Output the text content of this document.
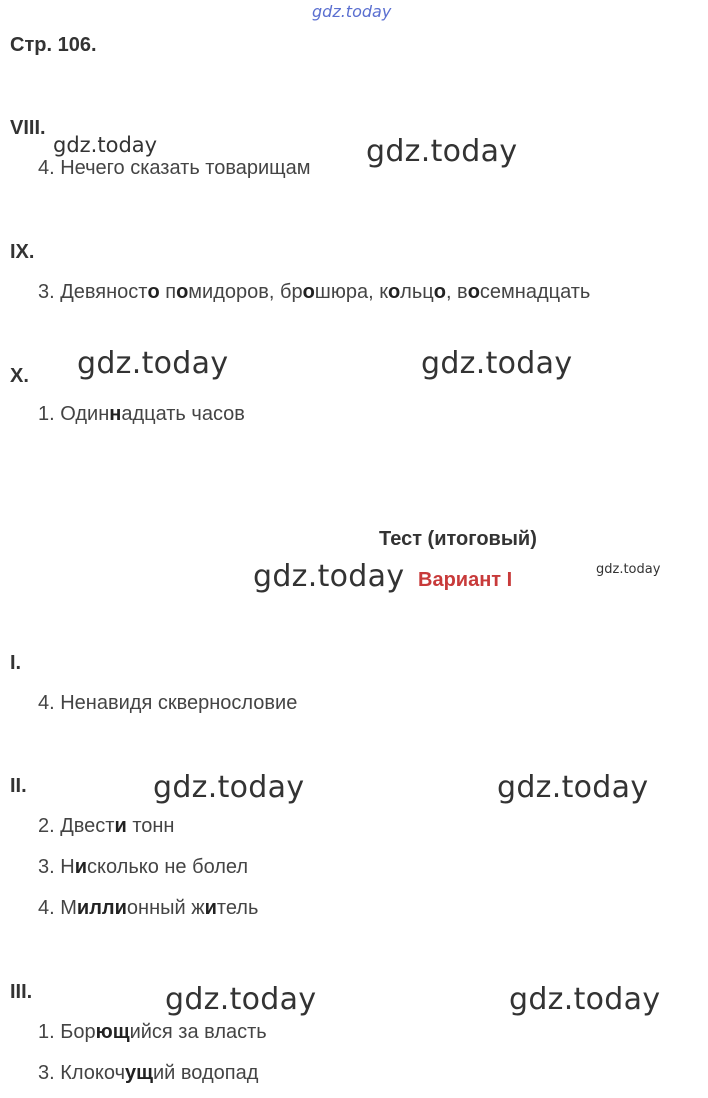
gdz.today
Стр. 106.
VIII.
gdz.today
4. Нечего сказать товарищам gdz.today
IX.
3. Девяносто помидоров, брошюра, кольцо, восемнадцать
X. gdz.today	gdz.today
1. Одиннадцать часов
Тест (итоговый)
gdz.today Вариант I	gdz.today
I.
4. Ненавидя сквернословие
II.	gdz.today	gdz.today
2. Двести тонн
3. Нисколько не болел
4. Миллионный житель
III.	gdz.today	gdz.today
1. Борющийся за власть
3. Клокочущий водопад
